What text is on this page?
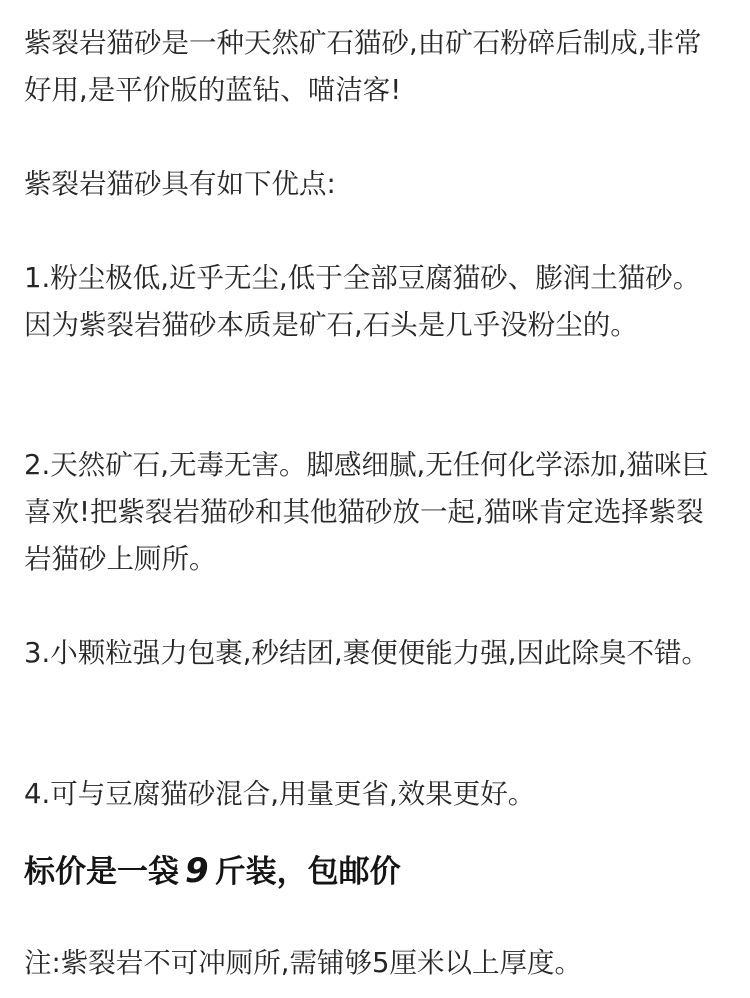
紫裂岩猫砂是一种天然矿石猫砂,由矿石粉碎后制成,非常好用,是平价版的蓝钻、喵洁客!

紫裂岩猫砂具有如下优点:

1.粉尘极低,近乎无尘,低于全部豆腐猫砂、膨润土猫砂。因为紫裂岩猫砂本质是矿石,石头是几乎没粉尘的。

2.天然矿石,无毒无害。脚感细腻,无任何化学添加,猫咪巨喜欢!把紫裂岩猫砂和其他猫砂放一起,猫咪肯定选择紫裂岩猫砂上厕所。

3.小颗粒强力包裹,秒结团,裹便便能力强,因此除臭不错。

4.可与豆腐猫砂混合,用量更省,效果更好。

标价是一袋 9 斤装，包邮价

注:紫裂岩不可冲厕所,需铺够5厘米以上厚度。
